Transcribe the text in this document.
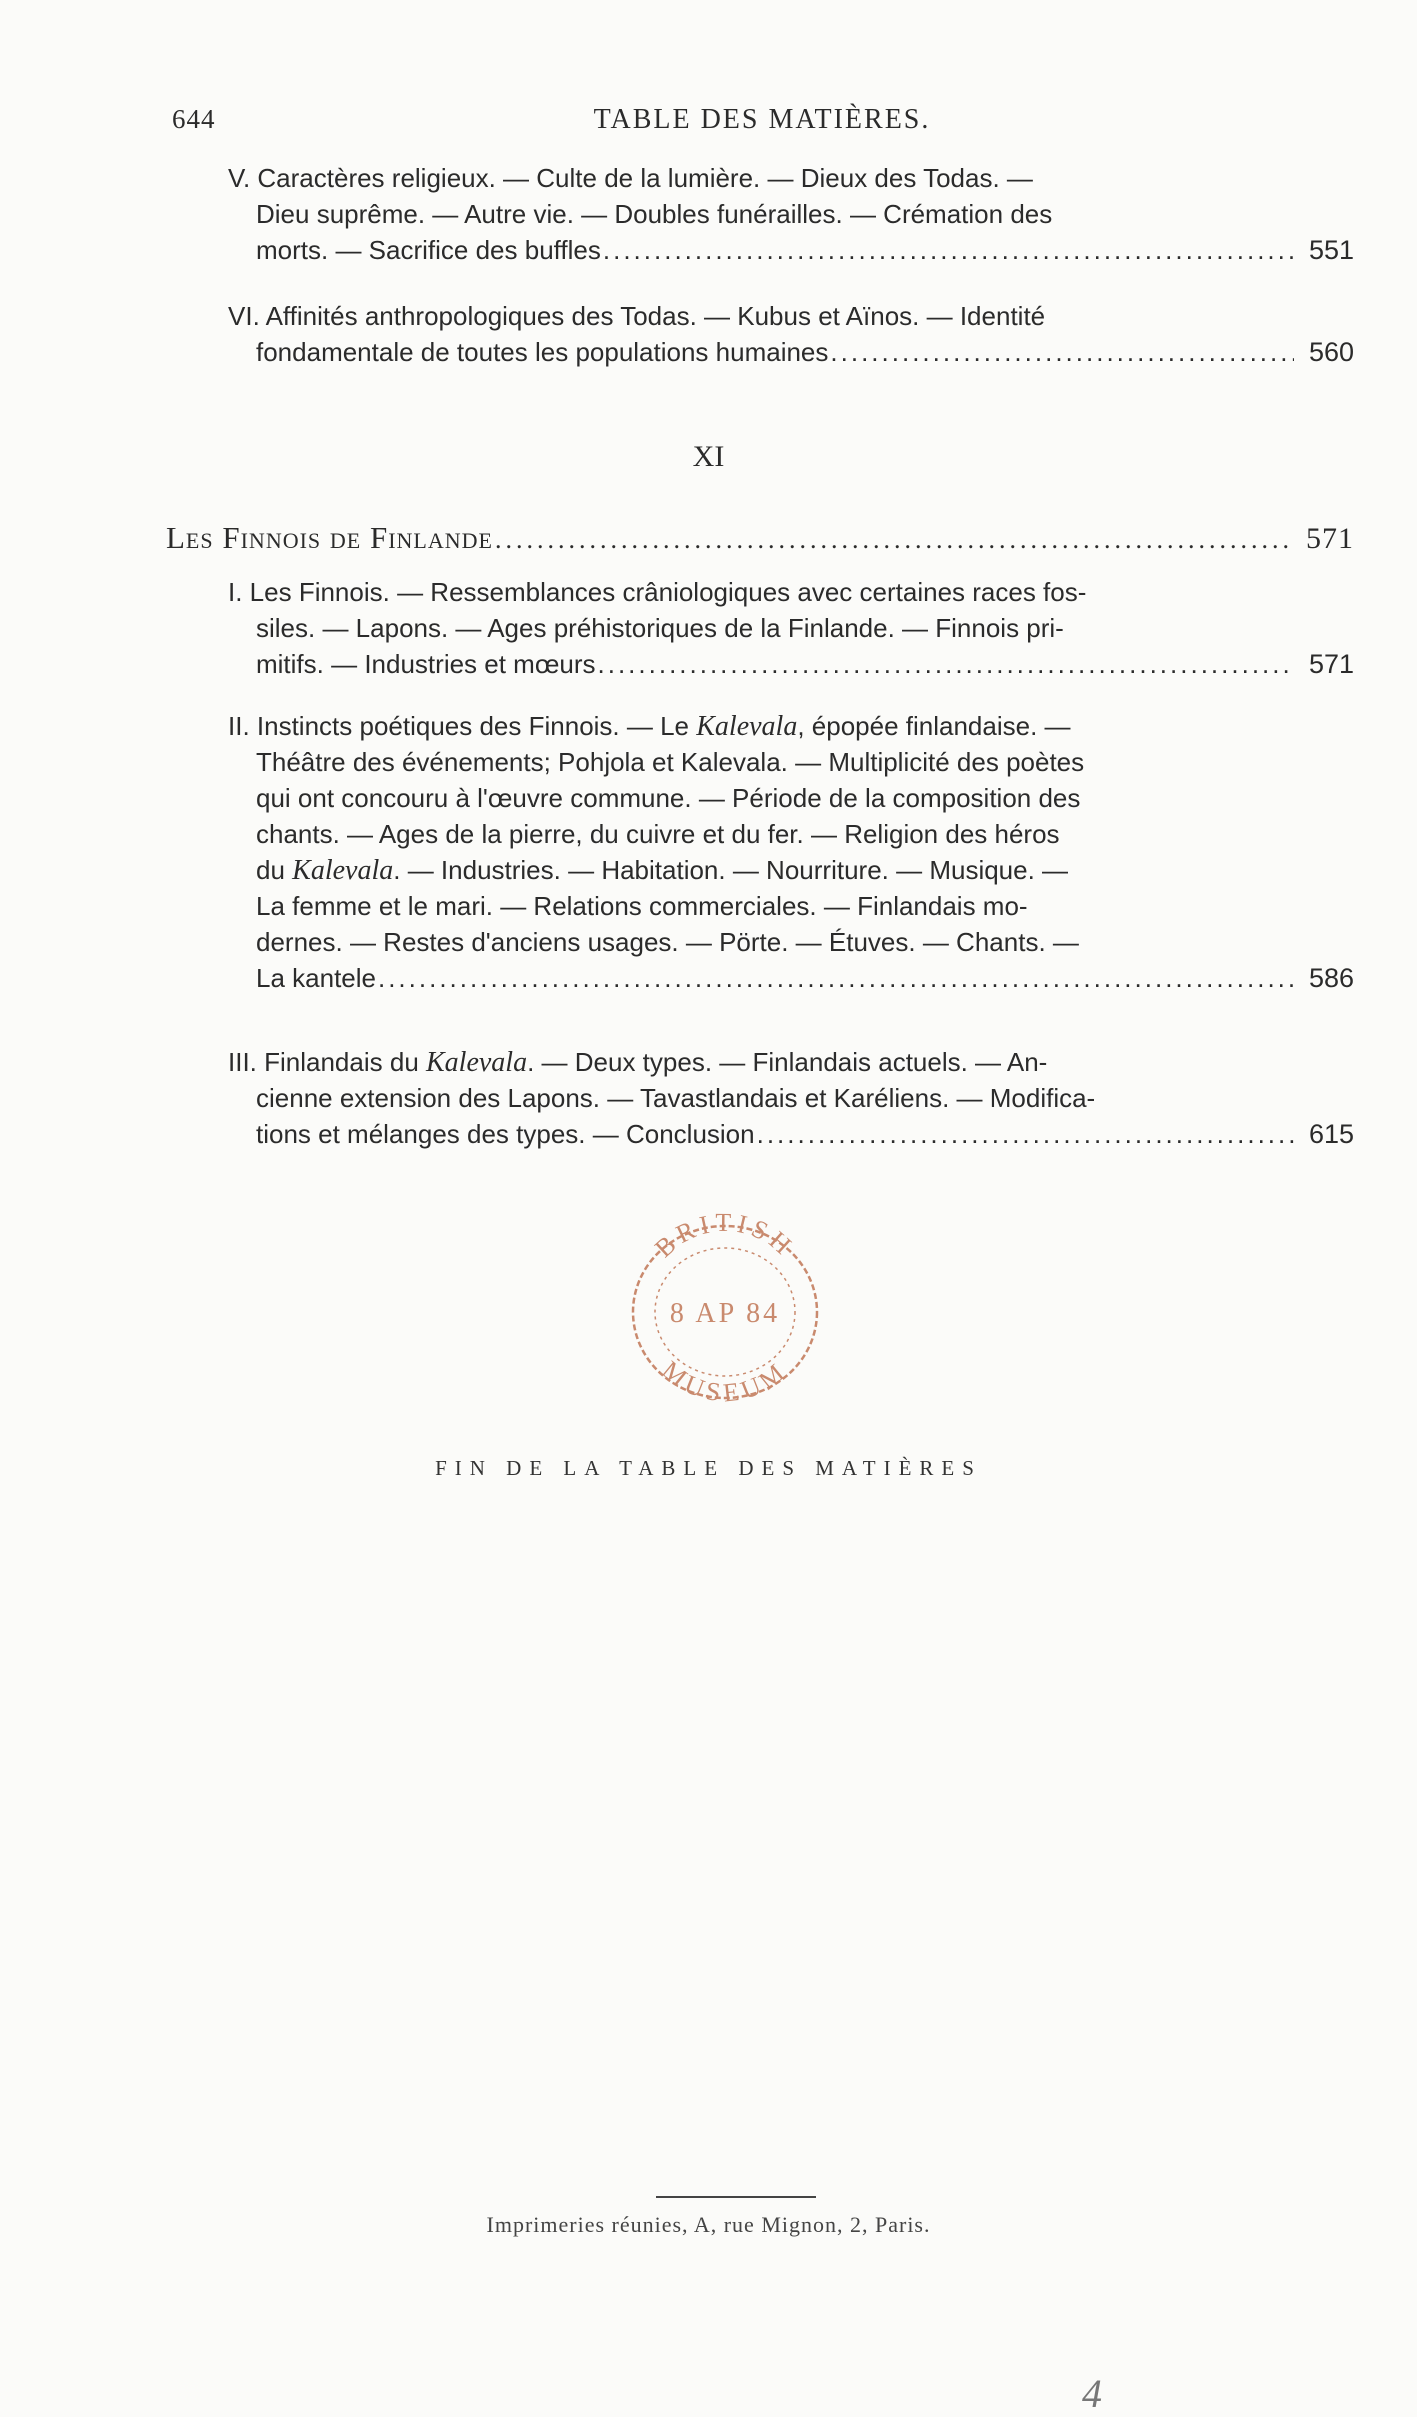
644	TABLE DES MATIÈRES.
V. Caractères religieux. — Culte de la lumière. — Dieux des Todas. —
Dieu suprême. — Autre vie. — Doubles funérailles. — Crémation des
morts. — Sacrifice des buffles .....	551
VI. Affinités anthropologiques des Todas. — Kubus et Aïnos. — Identité
fondamentale de toutes les populations humaines .....	560
XI
Les Finnois de Finlande .....	571
I. Les Finnois. — Ressemblances crâniologiques avec certaines races fos-
siles. — Lapons. — Ages préhistoriques de la Finlande. — Finnois pri-
mitifs. — Industries et mœurs .....	571
II. Instincts poétiques des Finnois. — Le Kalevala, épopée finlandaise. —
Théâtre des événements; Pohjola et Kalevala. — Multiplicité des poètes
qui ont concouru à l'œuvre commune. — Période de la composition des
chants. — Ages de la pierre, du cuivre et du fer. — Religion des héros
du Kalevala. — Industries. — Habitation. — Nourriture. — Musique. —
La femme et le mari. — Relations commerciales. — Finlandais mo-
dernes. — Restes d'anciens usages. — Pörte. — Étuves. — Chants. —
La kantele .....	586
III. Finlandais du Kalevala. — Deux types. — Finlandais actuels. — An-
cienne extension des Lapons. — Tavastlandais et Karéliens. — Modifica-
tions et mélanges des types. — Conclusion .....	615
BRITISH
8 AP 84
MUSEUM
FIN DE LA TABLE DES MATIÈRES
Imprimeries réunies, A, rue Mignon, 2, Paris.
4
